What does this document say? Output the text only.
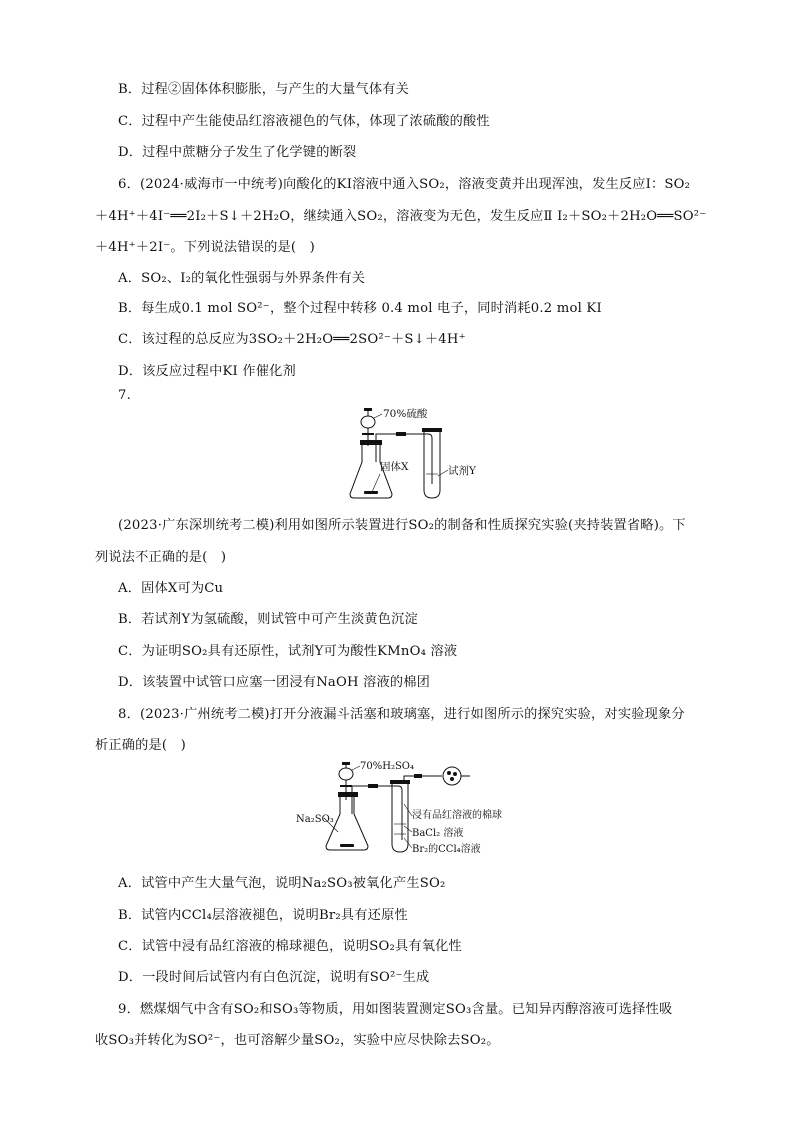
B．过程②固体体积膨胀，与产生的大量气体有关
C．过程中产生能使品红溶液褪色的气体，体现了浓硫酸的酸性
D．过程中蔗糖分子发生了化学键的断裂
6．(2024·威海市一中统考)向酸化的KI溶液中通入SO₂，溶液变黄并出现浑浊，发生反应Ⅰ：SO₂
＋4H⁺＋4I⁻══2I₂＋S↓＋2H₂O，继续通入SO₂，溶液变为无色，发生反应Ⅱ I₂＋SO₂＋2H₂O══SO²⁻
＋4H⁺＋2I⁻。下列说法错误的是(　)
A．SO₂、I₂的氧化性强弱与外界条件有关
B．每生成0.1 mol SO²⁻，整个过程中转移 0.4 mol 电子，同时消耗0.2 mol KI
C．该过程的总反应为3SO₂＋2H₂O══2SO²⁻＋S↓＋4H⁺
D．该反应过程中KI 作催化剂
7.
70%硫酸
固体X	试剂Y
(2023·广东深圳统考二模)利用如图所示装置进行SO₂的制备和性质探究实验(夹持装置省略)。下
列说法不正确的是(　)
A．固体X可为Cu
B．若试剂Y为氢硫酸，则试管中可产生淡黄色沉淀
C．为证明SO₂具有还原性，试剂Y可为酸性KMnO₄ 溶液
D．该装置中试管口应塞一团浸有NaOH 溶液的棉团
8．(2023·广州统考二模)打开分液漏斗活塞和玻璃塞，进行如图所示的探究实验，对实验现象分
析正确的是(　)
70%H₂SO₄
Na₂SO₃	浸有品红溶液的棉球
BaCl₂ 溶液
Br₂的CCl₄溶液
A．试管中产生大量气泡，说明Na₂SO₃被氧化产生SO₂
B．试管内CCl₄层溶液褪色，说明Br₂具有还原性
C．试管中浸有品红溶液的棉球褪色，说明SO₂具有氧化性
D．一段时间后试管内有白色沉淀，说明有SO²⁻生成
9．燃煤烟气中含有SO₂和SO₃等物质，用如图装置测定SO₃含量。已知异丙醇溶液可选择性吸
收SO₃并转化为SO²⁻，也可溶解少量SO₂，实验中应尽快除去SO₂。
